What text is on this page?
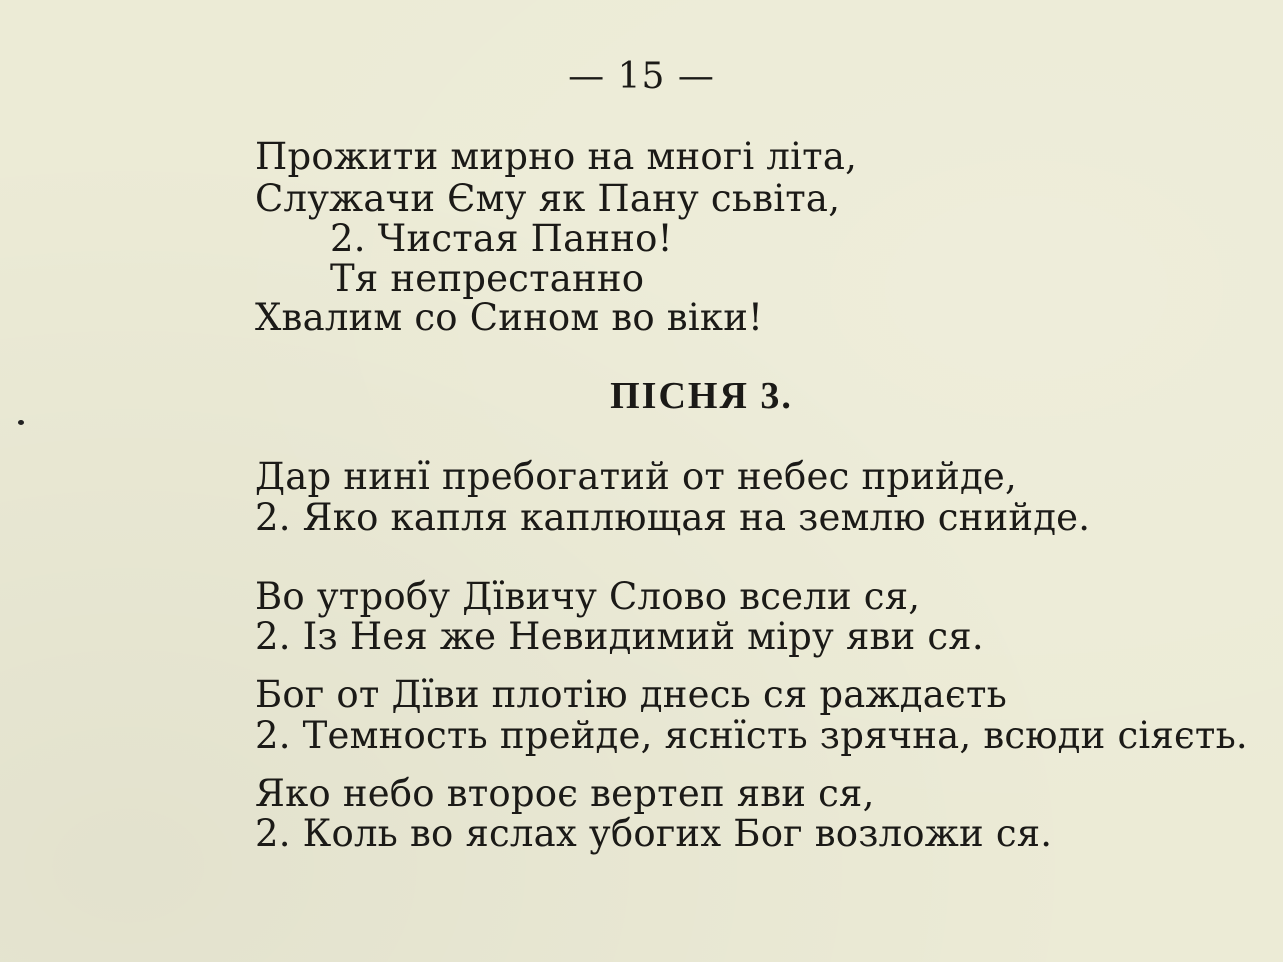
— 15 —
Прожити мирно на многі літа,
Служачи Єму як Пану сьвіта,
2. Чистая Панно!
Тя непрестанно
Хвалим со Сином во віки!
ПІСНЯ 3.
Дар нинї пребогатий от небес прийде,
2. Яко капля каплющая на землю снийде.
Во утробу Дївичу Слово всели ся,
2. Із Нея же Невидимий міру яви ся.
Бог от Дїви плотію днесь ся раждаєть
2. Темность прейде, яснїсть зрячна, всюди сіяєть.
Яко небо второє вертеп яви ся,
2. Коль во яслах убогих Бог возложи ся.
